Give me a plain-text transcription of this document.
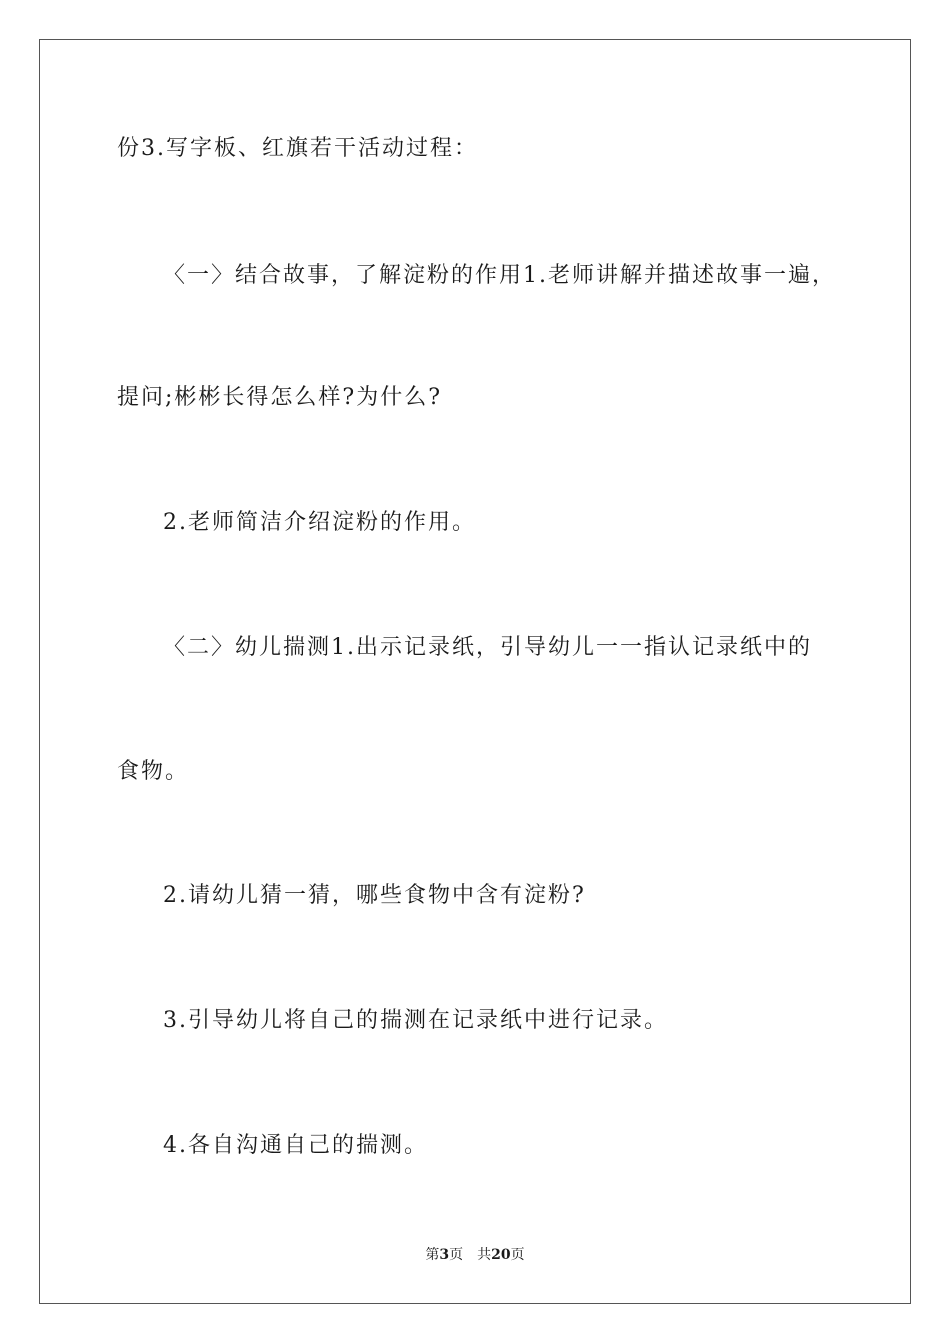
份3.写字板、红旗若干活动过程：
〈一〉结合故事，了解淀粉的作用1.老师讲解并描述故事一遍，
提问;彬彬长得怎么样?为什么?
2.老师简洁介绍淀粉的作用。
〈二〉幼儿揣测1.出示记录纸，引导幼儿一一指认记录纸中的
食物。
2.请幼儿猜一猜，哪些食物中含有淀粉?
3.引导幼儿将自己的揣测在记录纸中进行记录。
4.各自沟通自己的揣测。
第3页 共20页
